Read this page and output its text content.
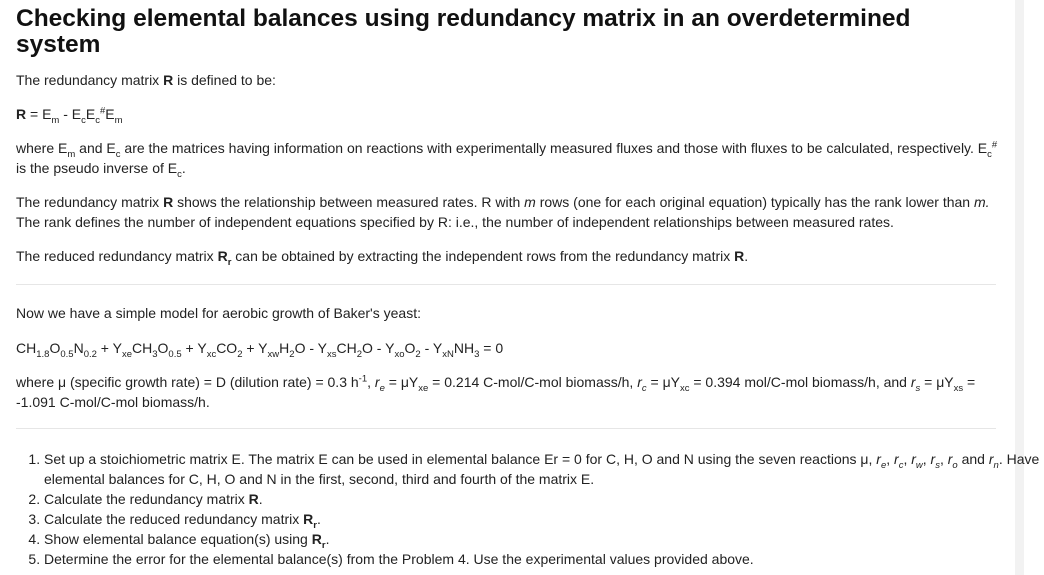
Checking elemental balances using redundancy matrix in an overdetermined system

The redundancy matrix R is defined to be:

$R = E_m - E_cE_c^{\#}E_m$

where $E_m$ and $E_c$ are the matrices having information on reactions with experimentally measured fluxes and those with fluxes to be calculated, respectively. $E_c^{\#}$ is the pseudo inverse of $E_c$.

The redundancy matrix R shows the relationship between measured rates. R with m rows (one for each original equation) typically has the rank lower than m.
The rank defines the number of independent equations specified by R: i.e., the number of independent relationships between measured rates.

The reduced redundancy matrix $R_r$ can be obtained by extracting the independent rows from the redundancy matrix R.

Now we have a simple model for aerobic growth of Baker's yeast:

$CH_{1.8}O_{0.5}N_{0.2} + Y_{xe}CH_3O_{0.5} + Y_{xc}CO_2 + Y_{xw}H_2O - Y_{xs}CH_2O - Y_{xo}O_2 - Y_{xN}NH_3 = 0$

where μ (specific growth rate) = D (dilution rate) = 0.3 $h^{-1}$, $r_e = \mu Y_{xe} = 0.214$ C-mol/C-mol biomass/h, $r_c = \mu Y_{xc} = 0.394$ mol/C-mol biomass/h, and $r_s = \mu Y_{xs}$ =
-1.091 C-mol/C-mol biomass/h.

1. Set up a stoichiometric matrix E. The matrix E can be used in elemental balance Er = 0 for C, H, O and N using the seven reactions μ, $r_e$, $r_c$, $r_w$, $r_s$, $r_o$ and $r_n$. Have elemental balances for C, H, O and N in the first, second, third and fourth of the matrix E.
2. Calculate the redundancy matrix R.
3. Calculate the reduced redundancy matrix $R_r$.
4. Show elemental balance equation(s) using $R_r$.
5. Determine the error for the elemental balance(s) from the Problem 4. Use the experimental values provided above.
